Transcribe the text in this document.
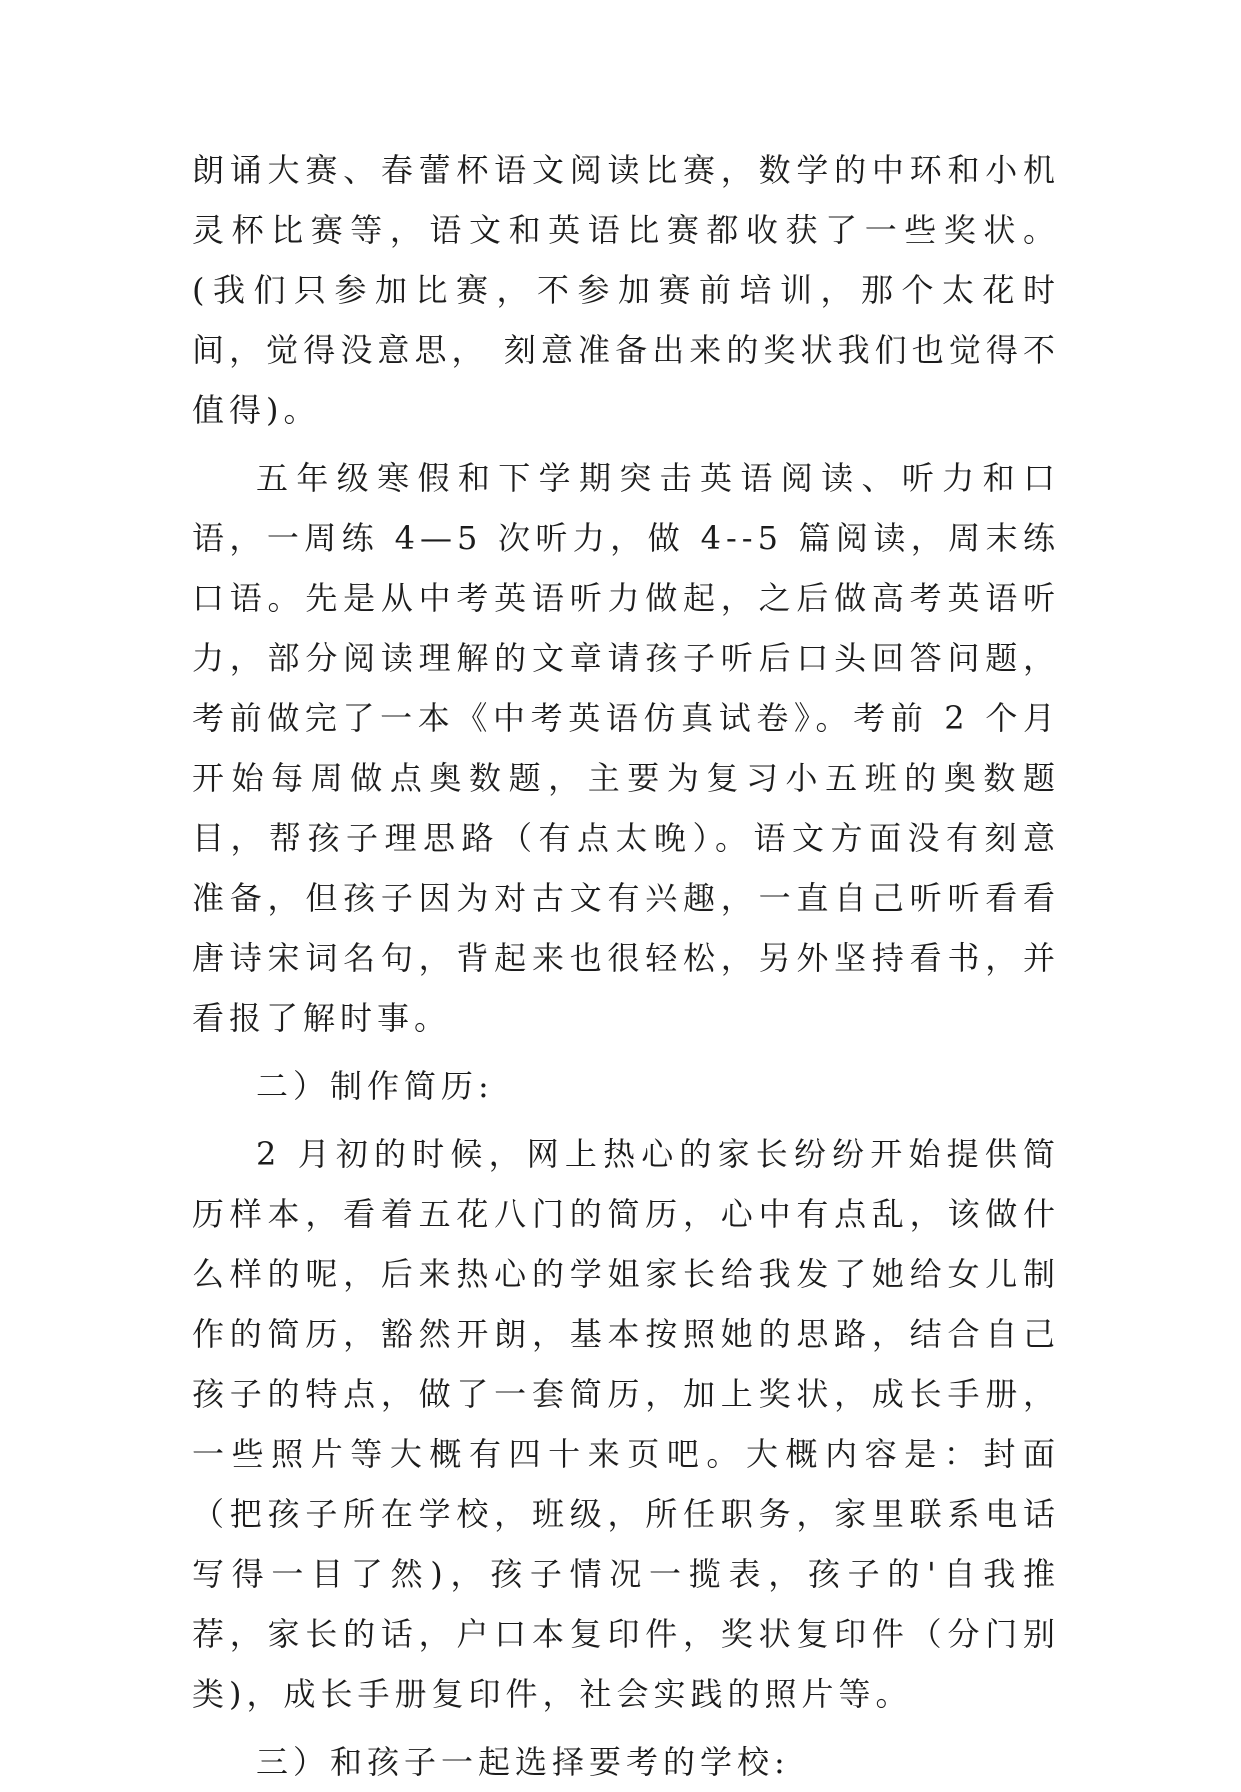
朗诵大赛、春蕾杯语文阅读比赛，数学的中环和小机灵杯比赛等，语文和英语比赛都收获了一些奖状。(我们只参加比赛，不参加赛前培训，那个太花时间，觉得没意思， 刻意准备出来的奖状我们也觉得不值得)。

五年级寒假和下学期突击英语阅读、听力和口语，一周练 4—5 次听力，做 4--5 篇阅读，周末练口语。先是从中考英语听力做起，之后做高考英语听力，部分阅读理解的文章请孩子听后口头回答问题， 考前做完了一本《中考英语仿真试卷》。考前 2 个月开始每周做点奥数题，主要为复习小五班的奥数题目，帮孩子理思路（有点太晚）。语文方面没有刻意准备，但孩子因为对古文有兴趣，一直自己听听看看唐诗宋词名句，背起来也很轻松，另外坚持看书，并看报了解时事。

二）制作简历:

2 月初的时候，网上热心的家长纷纷开始提供简历样本，看着五花八门的简历，心中有点乱，该做什么样的呢，后来热心的学姐家长给我发了她给女儿制作的简历，豁然开朗，基本按照她的思路，结合自己孩子的特点，做了一套简历，加上奖状，成长手册，一些照片等大概有四十来页吧。大概内容是：封面（把孩子所在学校，班级，所任职务，家里联系电话写得一目了然)，孩子情况一揽表，孩子的'自我推荐，家长的话，户口本复印件，奖状复印件（分门别类)，成长手册复印件，社会实践的照片等。

三）和孩子一起选择要考的学校:
